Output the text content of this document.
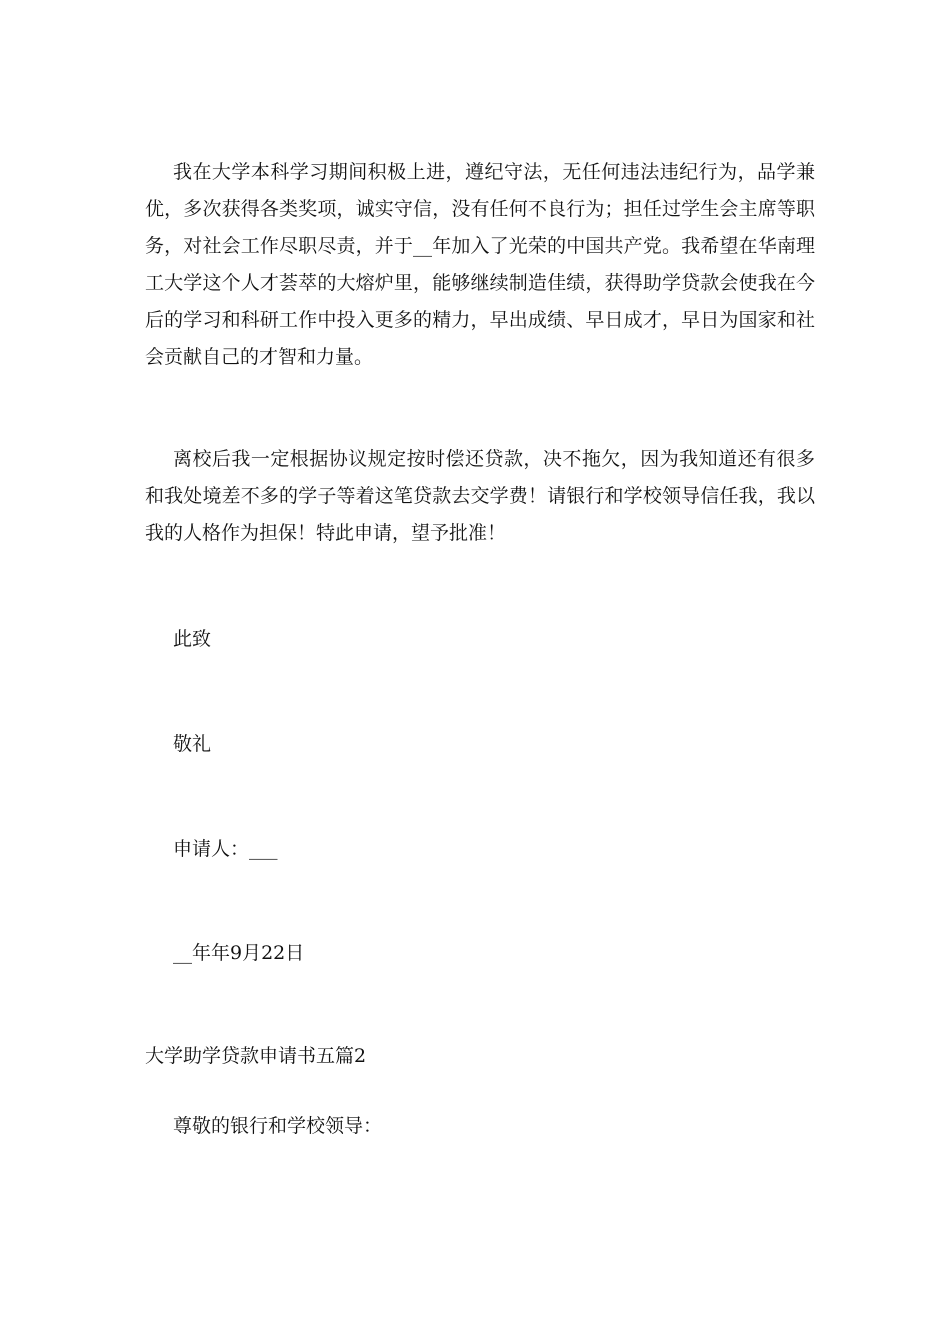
我在大学本科学习期间积极上进，遵纪守法，无任何违法违纪行为，品学兼优，多次获得各类奖项，诚实守信，没有任何不良行为；担任过学生会主席等职务，对社会工作尽职尽责，并于__年加入了光荣的中国共产党。我希望在华南理工大学这个人才荟萃的大熔炉里，能够继续制造佳绩，获得助学贷款会使我在今后的学习和科研工作中投入更多的精力，早出成绩、早日成才，早日为国家和社会贡献自己的才智和力量。

离校后我一定根据协议规定按时偿还贷款，决不拖欠，因为我知道还有很多和我处境差不多的学子等着这笔贷款去交学费！请银行和学校领导信任我，我以我的人格作为担保！特此申请，望予批准！

此致

敬礼

申请人：___

__年年9月22日

大学助学贷款申请书五篇2

尊敬的银行和学校领导：
